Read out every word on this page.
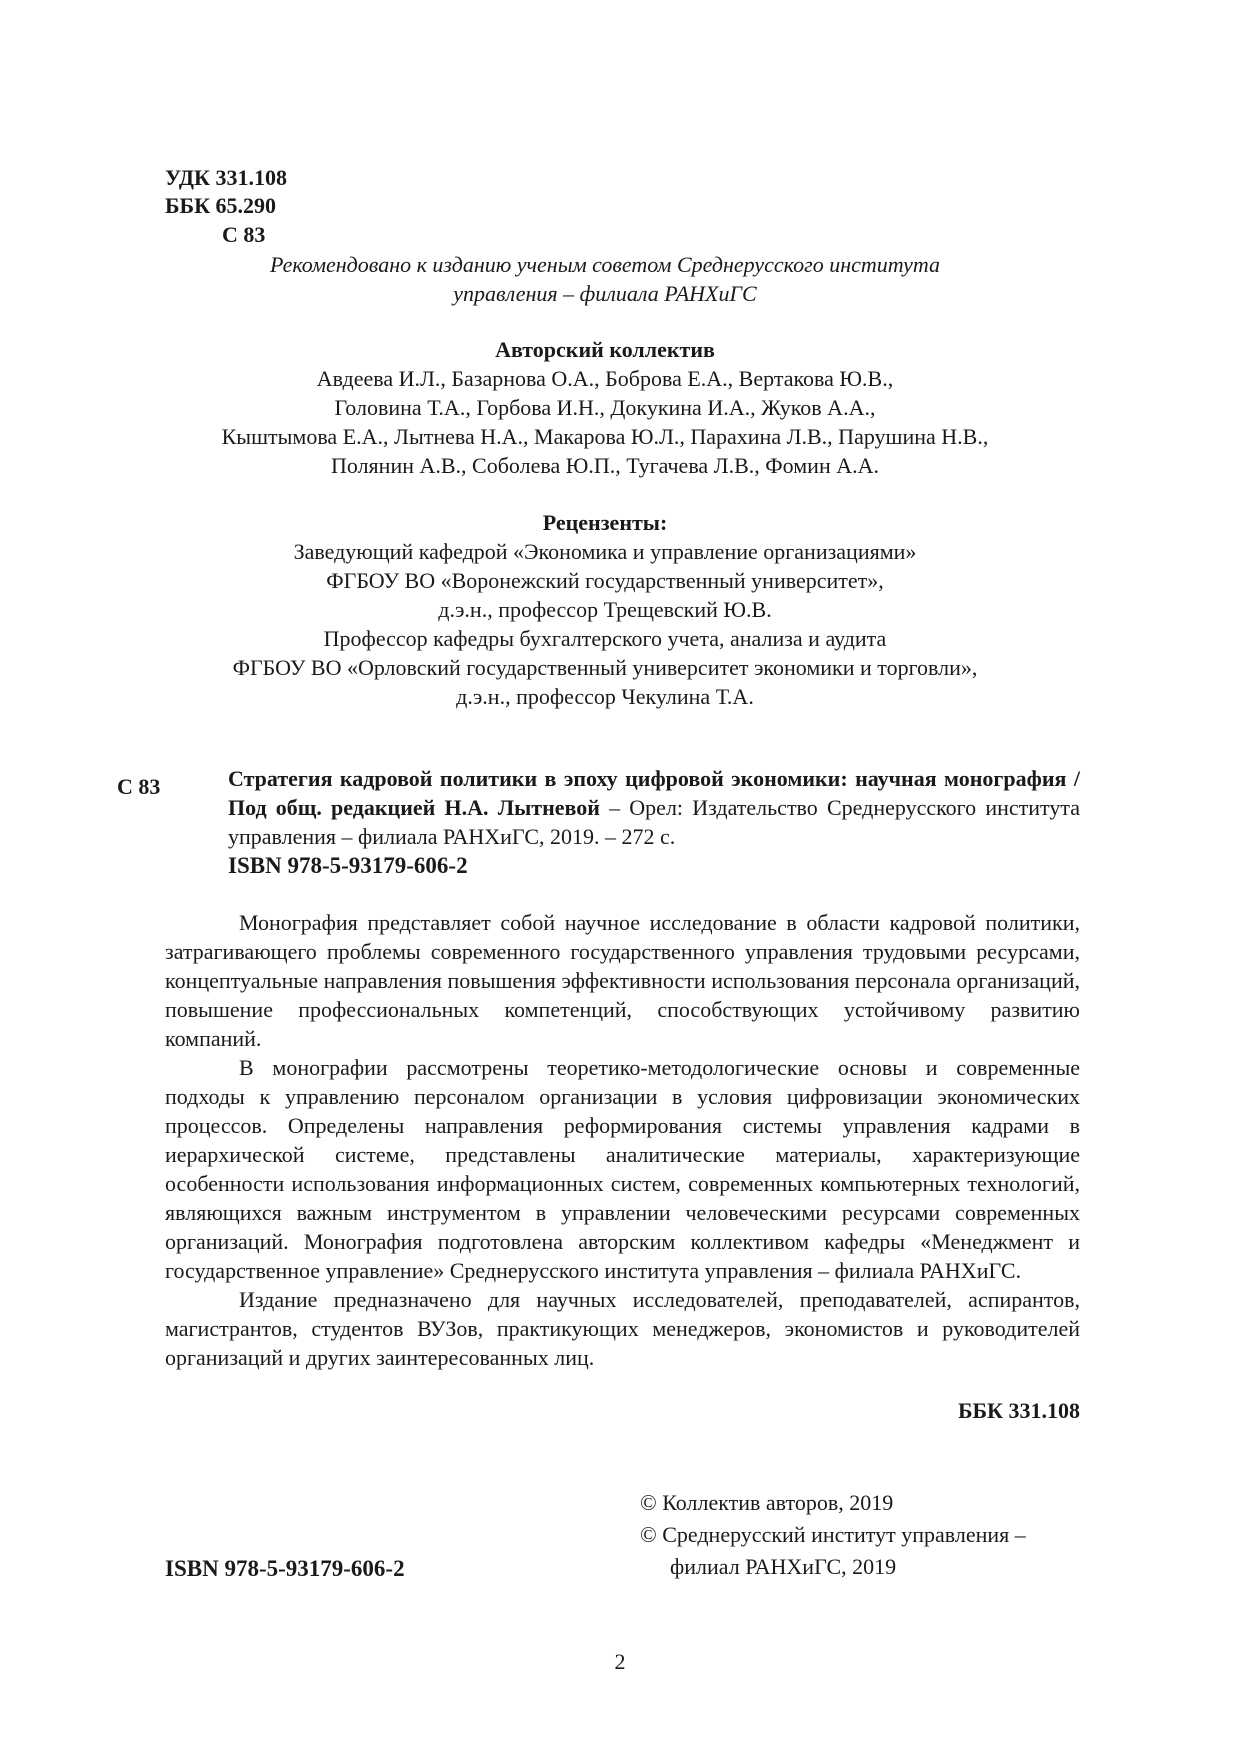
УДК 331.108
ББК 65.290
С 83
Рекомендовано к изданию ученым советом Среднерусского института
управления – филиала РАНХиГС
Авторский коллектив
Авдеева И.Л., Базарнова О.А., Боброва Е.А., Вертакова Ю.В.,
Головина Т.А., Горбова И.Н., Докукина И.А., Жуков А.А.,
Кыштымова Е.А., Лытнева Н.А., Макарова Ю.Л., Парахина Л.В., Парушина Н.В.,
Полянин А.В., Соболева Ю.П., Тугачева Л.В., Фомин А.А.
Рецензенты:
Заведующий кафедрой «Экономика и управление организациями»
ФГБОУ ВО «Воронежский государственный университет»,
д.э.н., профессор Трещевский Ю.В.
Профессор кафедры бухгалтерского учета, анализа и аудита
ФГБОУ ВО «Орловский государственный университет экономики и торговли»,
д.э.н., профессор Чекулина Т.А.
С 83	Стратегия кадровой политики в эпоху цифровой экономики: научная монография / Под общ. редакцией Н.А. Лытневой – Орел: Издательство Среднерусского института управления – филиала РАНХиГС, 2019. – 272 с.
ISBN 978-5-93179-606-2

Монография представляет собой научное исследование в области кадровой политики, затрагивающего проблемы современного государственного управления трудовыми ресурсами, концептуальные направления повышения эффективности использования персонала организаций, повышение профессиональных компетенций, способствующих устойчивому развитию компаний.

В монографии рассмотрены теоретико-методологические основы и современные подходы к управлению персоналом организации в условия цифровизации экономических процессов. Определены направления реформирования системы управления кадрами в иерархической системе, представлены аналитические материалы, характеризующие особенности использования информационных систем, современных компьютерных технологий, являющихся важным инструментом в управлении человеческими ресурсами современных организаций. Монография подготовлена авторским коллективом кафедры «Менеджмент и государственное управление» Среднерусского института управления – филиала РАНХиГС.

Издание предназначено для научных исследователей, преподавателей, аспирантов, магистрантов, студентов ВУЗов, практикующих менеджеров, экономистов и руководителей организаций и других заинтересованных лиц.

ББК 331.108
© Коллектив авторов, 2019
© Среднерусский институт управления –
филиал РАНХиГС, 2019
ISBN 978-5-93179-606-2
2
